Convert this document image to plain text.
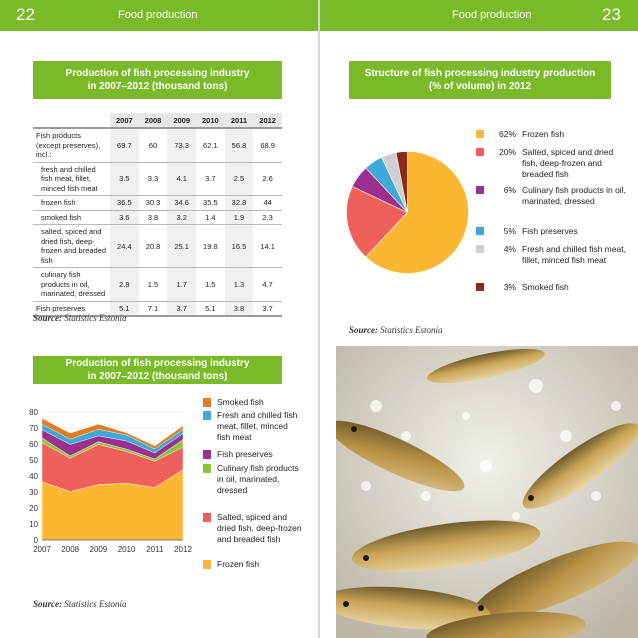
22	Food production
Production of fish processing industry
in 2007–2012 (thousand tons)
	2007	2008	2009	2010	2011	2012
Fish products (except preserves), incl.:	69.7	60	73.3	62.1	56.8	68.9
fresh and chilled fish meat, fillet, minced fish meat	3.5	3.3	4.1	3.7	2.5	2.6
frozen fish	36.5	30.3	34.6	35.5	32.8	44
smoked fish	3.6	3.8	3.2	1.4	1.9	2.3
salted, spiced and dried fish, deep-frozen and breaded fish	24.4	20.8	25.1	19.8	16.5	14.1
culinary fish products in oil, marinated, dressed	2.9	1.5	1.7	1.5	1.3	4.7
Fish preserves	5.1	7.1	3.7	5.1	3.8	3.7
Source: Statistics Estonia
Production of fish processing industry
in 2007–2012 (thousand tons)
0
10
20
30
40
50
60
70
80
2007 2008 2009 2010 2011 2012
Smoked fish
Fresh and chilled fish meat, fillet, minced fish meat
Fish preserves
Culinary fish products in oil, marinated, dressed
Salted, spiced and dried fish, deep-frozen and breaded fish
Frozen fish
Source: Statistics Estonia
Food production	23
Structure of fish processing industry production
(% of volume) in 2012
62% Frozen fish
20% Salted, spiced and dried fish, deep-frozen and breaded fish
6% Culinary fish products in oil, marinated, dressed
5% Fish preserves
4% Fresh and chilled fish meat, fillet, minced fish meat
3% Smoked fish
Source: Statistics Estonia
